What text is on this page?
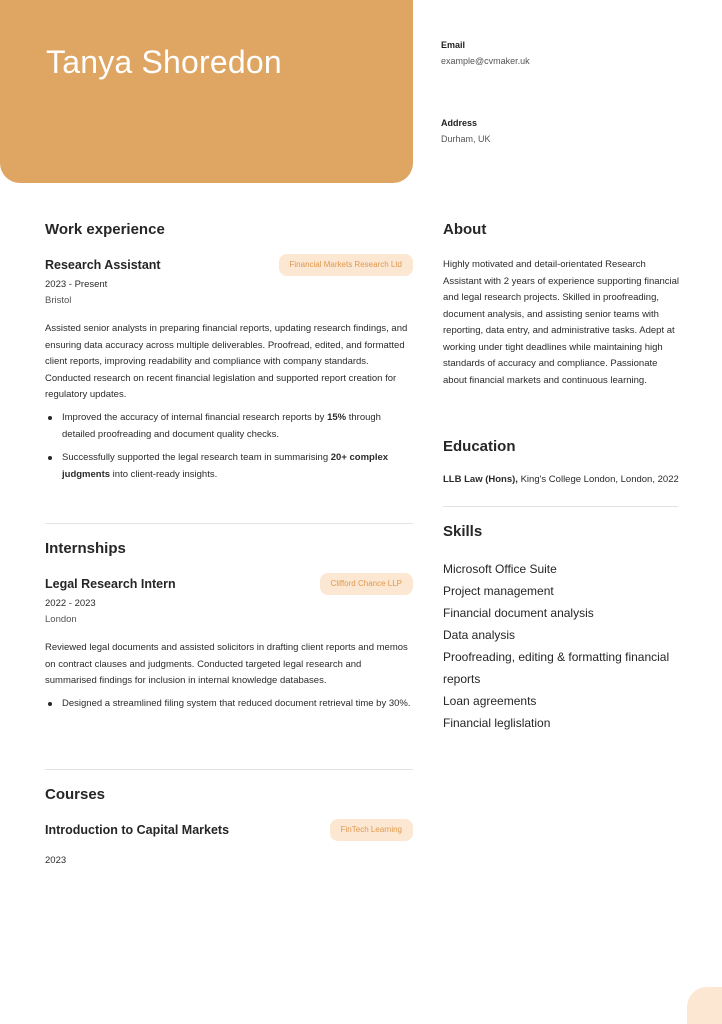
Tanya Shoredon	Email
example@cvmaker.uk
Address
Durham, UK
Work experience
Research Assistant	Financial Markets Research Ltd
2023 - Present
Bristol

Assisted senior analysts in preparing financial reports, updating research findings, and ensuring data accuracy across multiple deliverables. Proofread, edited, and formatted client reports, improving readability and compliance with company standards. Conducted research on recent financial legislation and supported report creation for regulatory updates.

Improved the accuracy of internal financial research reports by 15% through detailed proofreading and document quality checks.
Successfully supported the legal research team in summarising 20+ complex judgments into client-ready insights.
Internships
Legal Research Intern	Clifford Chance LLP
2022 - 2023
London

Reviewed legal documents and assisted solicitors in drafting client reports and memos on contract clauses and judgments. Conducted targeted legal research and summarised findings for inclusion in internal knowledge databases.

Designed a streamlined filing system that reduced document retrieval time by 30%.
Courses
Introduction to Capital Markets	FinTech Learning
2023
About

Highly motivated and detail-orientated Research Assistant with 2 years of experience supporting financial and legal research projects. Skilled in proofreading, document analysis, and assisting senior teams with reporting, data entry, and administrative tasks. Adept at working under tight deadlines while maintaining high standards of accuracy and compliance. Passionate about financial markets and continuous learning.

Education
LLB Law (Hons), King's College London, London, 2022
Skills
Microsoft Office Suite
Project management
Financial document analysis
Data analysis
Proofreading, editing & formatting financial reports
Loan agreements
Financial leglislation
